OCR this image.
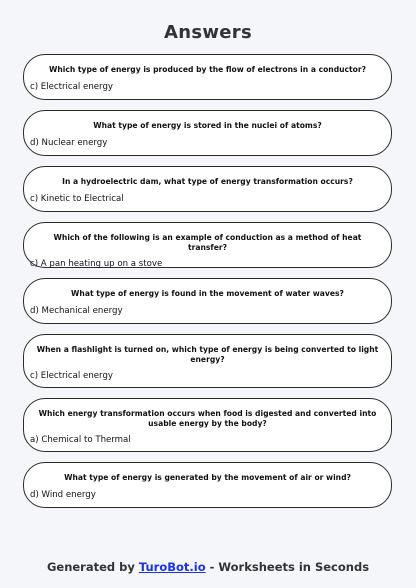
Answers
Which type of energy is produced by the flow of electrons in a conductor?
c) Electrical energy
What type of energy is stored in the nuclei of atoms?
d) Nuclear energy
In a hydroelectric dam, what type of energy transformation occurs?
c) Kinetic to Electrical
Which of the following is an example of conduction as a method of heat transfer?
c) A pan heating up on a stove
What type of energy is found in the movement of water waves?
d) Mechanical energy
When a flashlight is turned on, which type of energy is being converted to light energy?
c) Electrical energy
Which energy transformation occurs when food is digested and converted into usable energy by the body?
a) Chemical to Thermal
What type of energy is generated by the movement of air or wind?
d) Wind energy
Generated by TuroBot.io - Worksheets in Seconds
